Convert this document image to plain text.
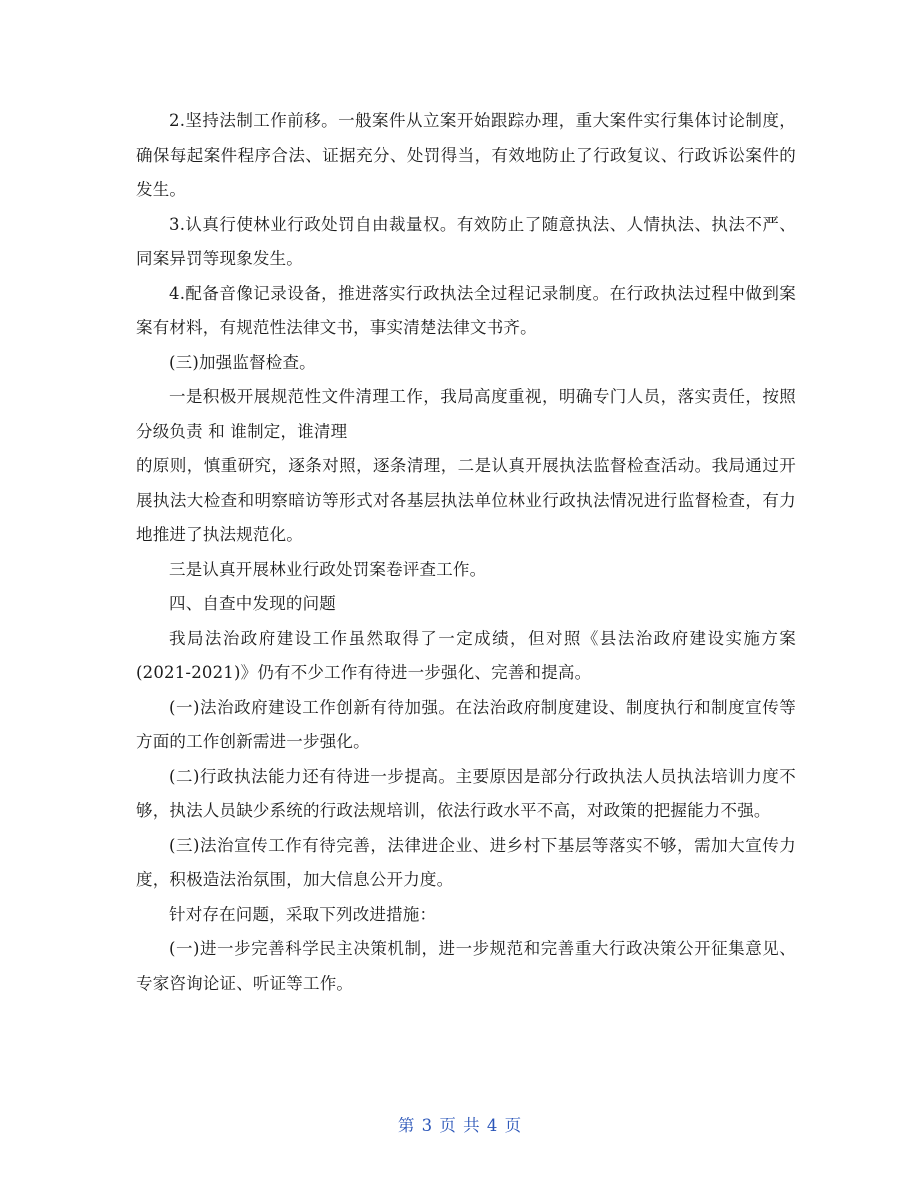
2.坚持法制工作前移。一般案件从立案开始跟踪办理，重大案件实行集体讨论制度，确保每起案件程序合法、证据充分、处罚得当，有效地防止了行政复议、行政诉讼案件的发生。

3.认真行使林业行政处罚自由裁量权。有效防止了随意执法、人情执法、执法不严、同案异罚等现象发生。

4.配备音像记录设备，推进落实行政执法全过程记录制度。在行政执法过程中做到案案有材料，有规范性法律文书，事实清楚法律文书齐。

(三)加强监督检查。

一是积极开展规范性文件清理工作，我局高度重视，明确专门人员，落实责任，按照 分级负责 和 谁制定，谁清理

的原则，慎重研究，逐条对照，逐条清理，二是认真开展执法监督检查活动。我局通过开展执法大检查和明察暗访等形式对各基层执法单位林业行政执法情况进行监督检查，有力地推进了执法规范化。

三是认真开展林业行政处罚案卷评查工作。

四、自查中发现的问题

我局法治政府建设工作虽然取得了一定成绩，但对照《县法治政府建设实施方案(2021-2021)》仍有不少工作有待进一步强化、完善和提高。

(一)法治政府建设工作创新有待加强。在法治政府制度建设、制度执行和制度宣传等方面的工作创新需进一步强化。

(二)行政执法能力还有待进一步提高。主要原因是部分行政执法人员执法培训力度不够，执法人员缺少系统的行政法规培训，依法行政水平不高，对政策的把握能力不强。

(三)法治宣传工作有待完善，法律进企业、进乡村下基层等落实不够，需加大宣传力度，积极造法治氛围，加大信息公开力度。

针对存在问题，采取下列改进措施：

(一)进一步完善科学民主决策机制，进一步规范和完善重大行政决策公开征集意见、专家咨询论证、听证等工作。

第 3 页 共 4 页
